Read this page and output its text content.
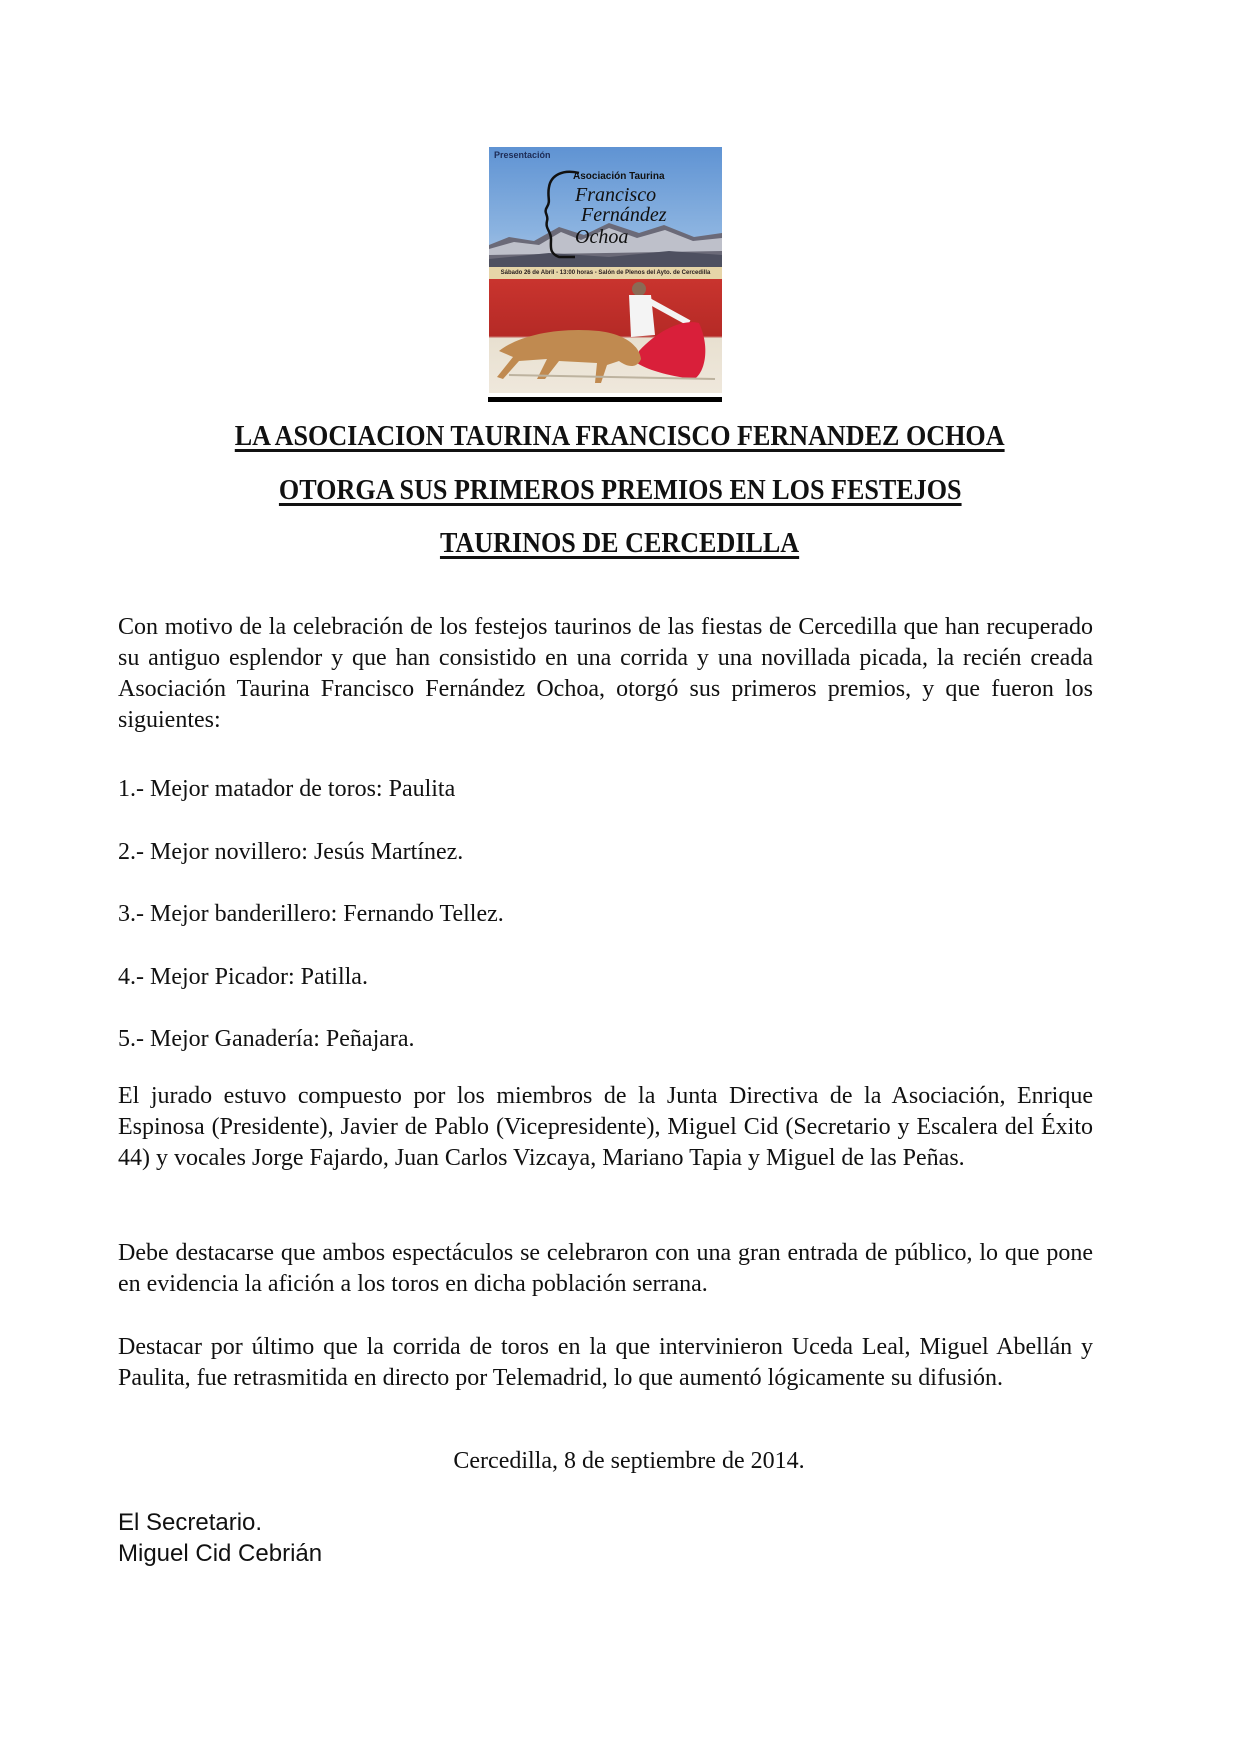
Presentación
Asociación Taurina
Francisco
Fernández
Ochoa
Sábado 26 de Abril - 13:00 horas - Salón de Plenos del Ayto. de Cercedilla
LA ASOCIACION TAURINA FRANCISCO FERNANDEZ OCHOA
OTORGA SUS PRIMEROS PREMIOS EN LOS FESTEJOS
TAURINOS DE CERCEDILLA
Con motivo de la celebración de los festejos taurinos de las fiestas de Cercedilla que han recuperado su antiguo esplendor y que han consistido en una corrida y una novillada picada, la recién creada Asociación Taurina Francisco Fernández Ochoa, otorgó sus primeros premios, y que fueron los siguientes:
1.- Mejor matador de toros: Paulita
2.- Mejor novillero: Jesús Martínez.
3.- Mejor banderillero: Fernando Tellez.
4.- Mejor Picador: Patilla.
5.- Mejor Ganadería: Peñajara.
El jurado estuvo compuesto por los miembros de la Junta Directiva de la Asociación, Enrique Espinosa (Presidente), Javier de Pablo (Vicepresidente), Miguel Cid (Secretario y Escalera del Éxito 44) y vocales Jorge Fajardo, Juan Carlos Vizcaya, Mariano Tapia y Miguel de las Peñas.
Debe destacarse que ambos espectáculos se celebraron con una gran entrada de público, lo que pone en evidencia la afición a los toros en dicha población serrana.
Destacar por último que la corrida de toros en la que intervinieron Uceda Leal, Miguel Abellán y Paulita, fue retrasmitida en directo por Telemadrid, lo que aumentó lógicamente su difusión.
Cercedilla, 8 de septiembre de 2014.
El Secretario.
Miguel Cid Cebrián
